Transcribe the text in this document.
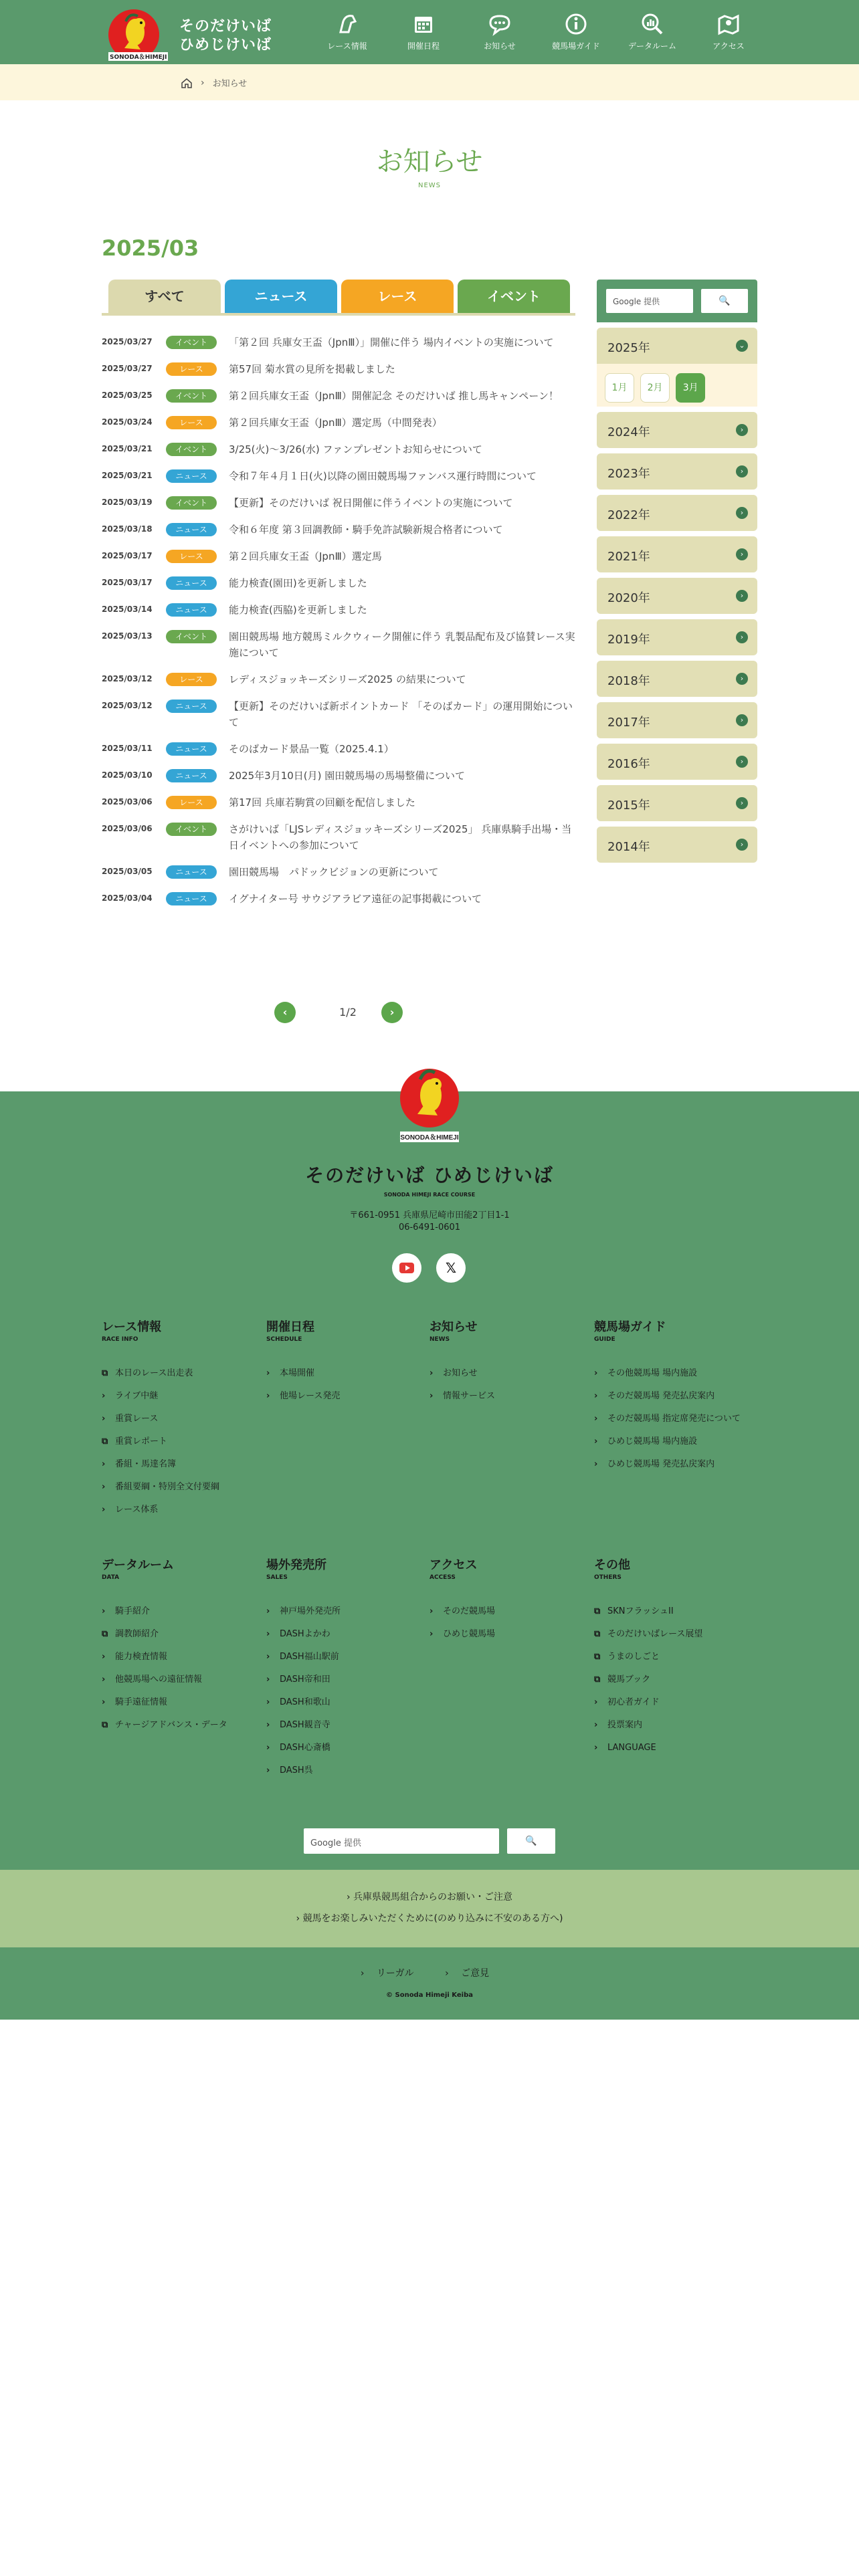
SONODA＆HIMEJI
そのだけいば
ひめじけいば	レース情報	開催日程	お知らせ	競馬場ガイド	データルーム	アクセス
› お知らせ
お知らせ
NEWS
2025/03
すべて	ニュース	レース	イベント
2025/03/27	イベント	「第２回 兵庫女王盃（JpnⅢ）」開催に伴う 場内イベントの実施について
2025/03/27	レース	第57回 菊水賞の見所を掲載しました
2025/03/25	イベント	第２回兵庫女王盃（JpnⅢ）開催記念 そのだけいば 推し馬キャンペーン！
2025/03/24	レース	第２回兵庫女王盃（JpnⅢ）選定馬（中間発表）
2025/03/21	イベント	3/25(火)〜3/26(水) ファンプレゼントお知らせについて
2025/03/21	ニュース	令和７年４月１日(火)以降の園田競馬場ファンバス運行時間について
2025/03/19	イベント	【更新】そのだけいば 祝日開催に伴うイベントの実施について
2025/03/18	ニュース	令和６年度 第３回調教師・騎手免許試験新規合格者について
2025/03/17	レース	第２回兵庫女王盃（JpnⅢ）選定馬
2025/03/17	ニュース	能力検査(園田)を更新しました
2025/03/14	ニュース	能力検査(西脇)を更新しました
2025/03/13	イベント	園田競馬場 地方競馬ミルクウィーク開催に伴う 乳製品配布及び協賛レース実施について
2025/03/12	レース	レディスジョッキーズシリーズ2025 の結果について
2025/03/12	ニュース	【更新】そのだけいば新ポイントカード 「そのばカード」の運用開始について
2025/03/11	ニュース	そのばカード景品一覧（2025.4.1）
2025/03/10	ニュース	2025年3月10日(月) 園田競馬場の馬場整備について
2025/03/06	レース	第17回 兵庫若駒賞の回顧を配信しました
2025/03/06	イベント	さがけいば「LJSレディスジョッキーズシリーズ2025」 兵庫県騎手出場・当日イベントへの参加について
2025/03/05	ニュース	園田競馬場　パドックビジョンの更新について
2025/03/04	ニュース	イグナイター号 サウジアラビア遠征の記事掲載について
‹	1/2	›
Google 提供	🔍
2025年	⌄
1月 2月 3月
2024年	›
2023年	›
2022年	›
2021年	›
2020年	›
2019年	›
2018年	›
2017年	›
2016年	›
2015年	›
2014年	›
SONODA＆HIMEJI
そのだけいば ひめじけいば
SONODA HIMEJI RACE COURSE
〒661-0951 兵庫県尼崎市田能2丁目1-1
06-6491-0601
𝕏
レース情報
RACE INFO
⧉ 本日のレース出走表
› ライブ中継
› 重賞レース
⧉ 重賞レポート
› 番組・馬達名簿
› 番組要綱・特別全文付要綱
› レース体系
開催日程
SCHEDULE
› 本場開催
› 他場レース発売
お知らせ
NEWS
› お知らせ
› 情報サービス
競馬場ガイド
GUIDE
› その他競馬場 場内施設
› そのだ競馬場 発売払戻案内
› そのだ競馬場 指定席発売について
› ひめじ競馬場 場内施設
› ひめじ競馬場 発売払戻案内
データルーム
DATA
› 騎手紹介
⧉ 調教師紹介
› 能力検査情報
› 他競馬場への遠征情報
› 騎手遠征情報
⧉ チャージアドバンス・データ
場外発売所
SALES
› 神戸場外発売所
› DASHよかわ
› DASH福山駅前
› DASH帝和田
› DASH和歌山
› DASH観音寺
› DASH心斎橋
› DASH呉
アクセス
ACCESS
› そのだ競馬場
› ひめじ競馬場
その他
OTHERS
⧉ SKNフラッシュII
⧉ そのだけいばレース展望
⧉ うまのしごと
⧉ 競馬ブック
› 初心者ガイド
› 投票案内
› LANGUAGE
Google 提供	🔍
› 兵庫県競馬組合からのお願い・ご注意
› 競馬をお楽しみいただくために(のめり込みに不安のある方へ)
› リーガル	› ご意見
© Sonoda Himeji Keiba
